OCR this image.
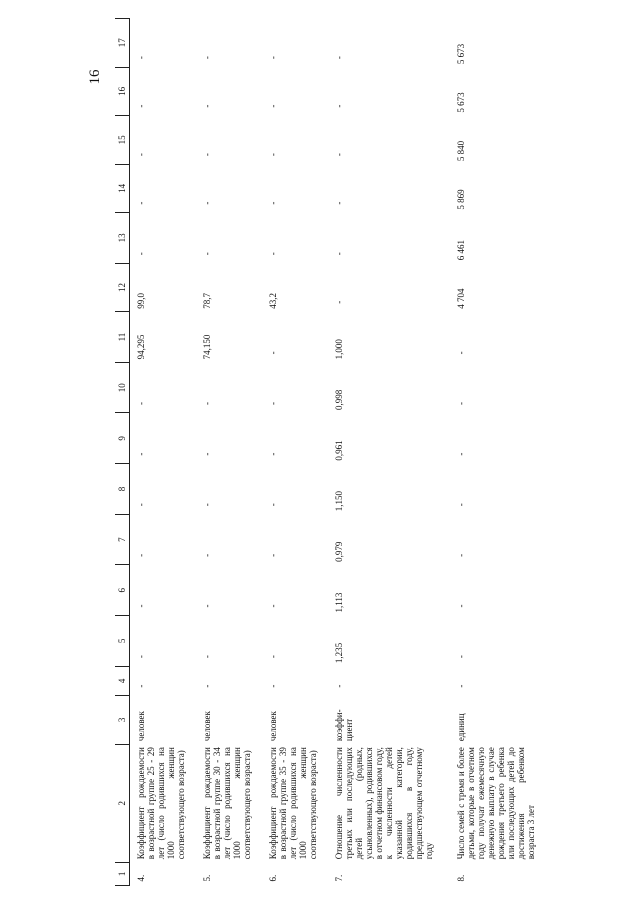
16
1	2	3	4	5	6	7	8	9	10	11	12	13	14	15	16	17
4.	Коэффициент рождаемости в возрастной группе 25 - 29 лет (число родившихся на 1000 женщин соответствующего возраста)	человек	-	-	-	-	-	-	-	94,295	99,0	-	-	-	-	-
5.	Коэффициент рождаемости в возрастной группе 30 - 34 лет (число родившихся на 1000 женщин соответствующего возраста)	человек	-	-	-	-	-	-	-	74,150	78,7	-	-	-	-	-
6.	Коэффициент рождаемости в возрастной группе 35 - 39 лет (число родившихся на 1000 женщин соответствующего возраста)	человек	-	-	-	-	-	-	-	-	43,2	-	-	-	-	-
7.	Отношение численности третьих или последующих детей (родных, усыновленных), родившихся в отчетном финансовом году, к численности детей указанной категории, родившихся в году, предшествующем отчетному году	коэффи-циент	-	1,235	1,113	0,979	1,150	0,961	0,998	1,000	-	-	-	-	-	-
8.	Число семей с тремя и более детьми, которые в отчетном году получат ежемесячную денежную выплату в случае рождения третьего ребенка или последующих детей до достижения ребенком возраста 3 лет	единиц	-	-	-	-	-	-	-	-	4 704	6 461	5 869	5 840	5 673	5 673
